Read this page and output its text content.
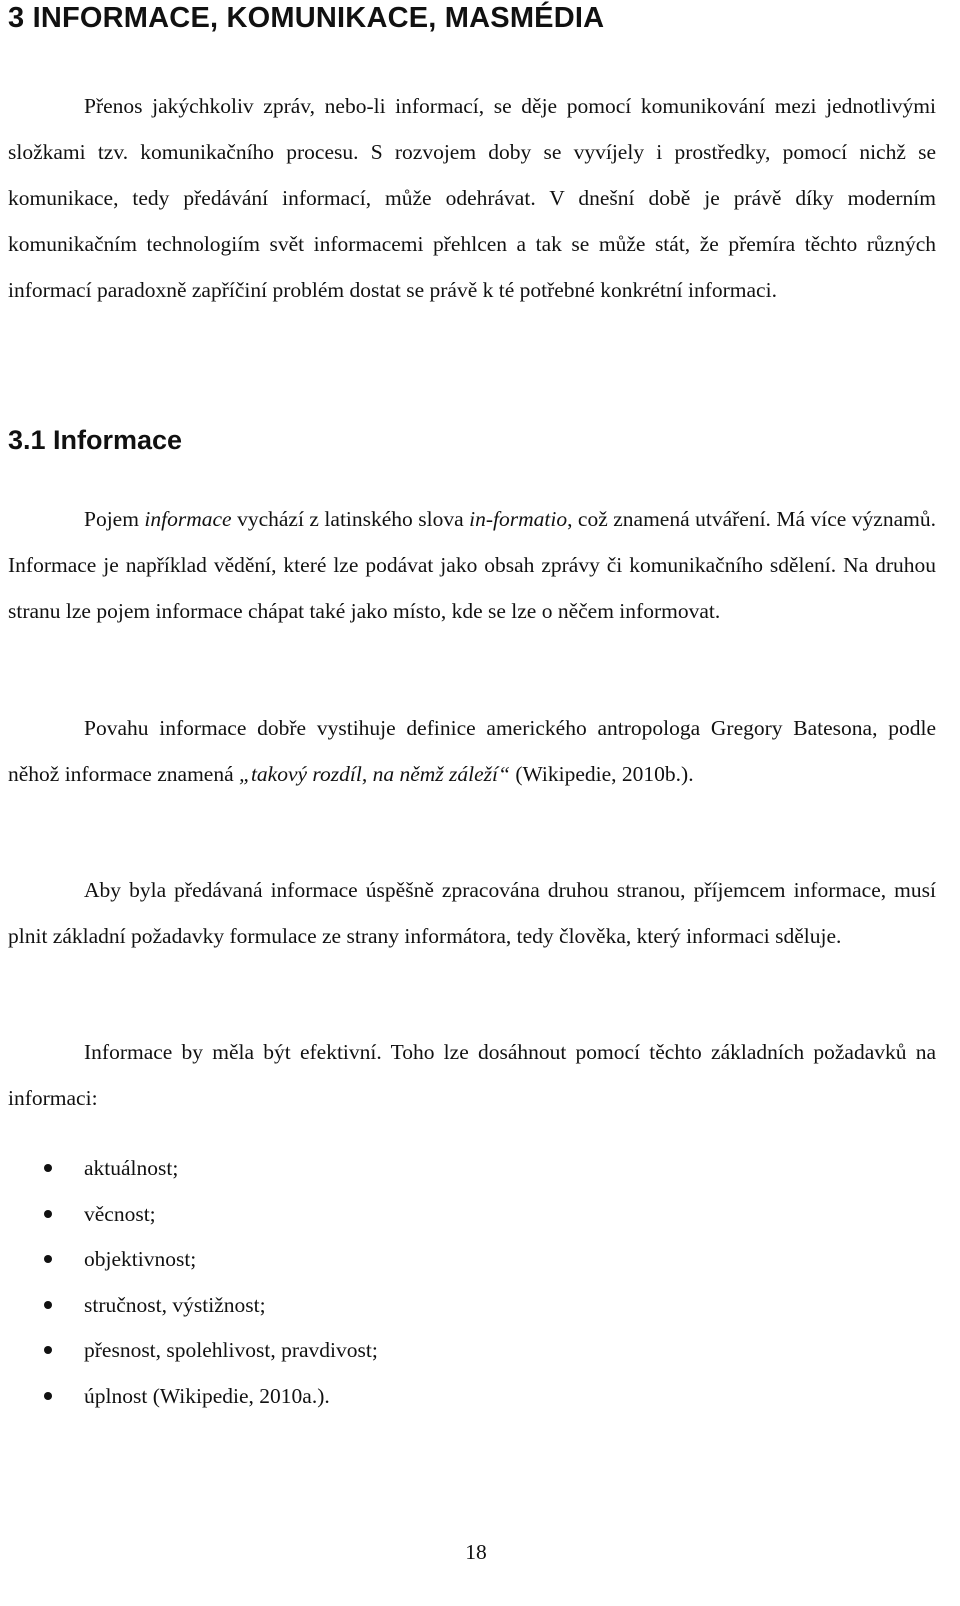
3 INFORMACE, KOMUNIKACE, MASMÉDIA

Přenos jakýchkoliv zpráv, nebo-li informací, se děje pomocí komunikování mezi jednotlivými složkami tzv. komunikačního procesu. S rozvojem doby se vyvíjely i prostředky, pomocí nichž se komunikace, tedy předávání informací, může odehrávat. V dnešní době je právě díky moderním komunikačním technologiím svět informacemi přehlcen a tak se může stát, že přemíra těchto různých informací paradoxně zapříčiní problém dostat se právě k té potřebné konkrétní informaci.

3.1 Informace

Pojem informace vychází z latinského slova in-formatio, což znamená utváření. Má více významů. Informace je například vědění, které lze podávat jako obsah zprávy či komunikačního sdělení. Na druhou stranu lze pojem informace chápat také jako místo, kde se lze o něčem informovat.

Povahu informace dobře vystihuje definice amerického antropologa Gregory Batesona, podle něhož informace znamená „takový rozdíl, na němž záleží“ (Wikipedie, 2010b.).

Aby byla předávaná informace úspěšně zpracována druhou stranou, příjemcem informace, musí plnit základní požadavky formulace ze strany informátora, tedy člověka, který informaci sděluje.

Informace by měla být efektivní. Toho lze dosáhnout pomocí těchto základních požadavků na informaci:

aktuálnost;
věcnost;
objektivnost;
stručnost, výstižnost;
přesnost, spolehlivost, pravdivost;
úplnost (Wikipedie, 2010a.).
18
